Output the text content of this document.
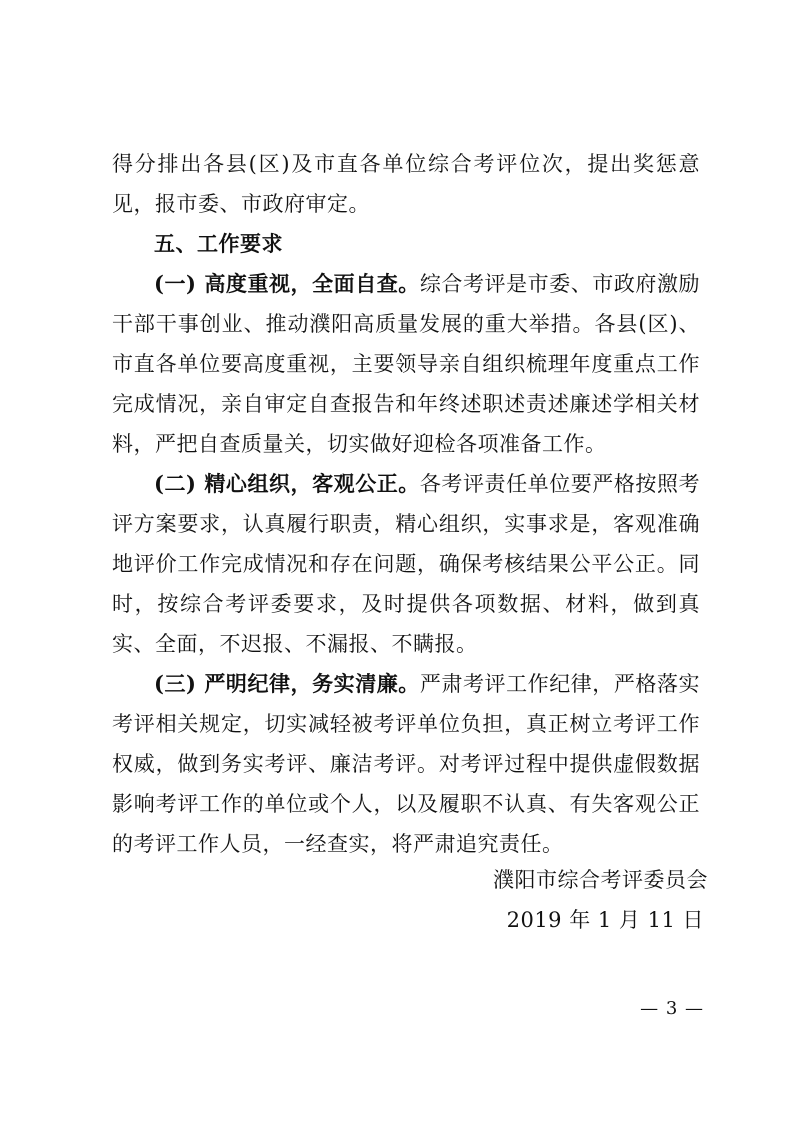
得分排出各县(区)及市直各单位综合考评位次，提出奖惩意见，报市委、市政府审定。

五、工作要求

(一) 高度重视，全面自查。综合考评是市委、市政府激励干部干事创业、推动濮阳高质量发展的重大举措。各县(区)、市直各单位要高度重视，主要领导亲自组织梳理年度重点工作完成情况，亲自审定自查报告和年终述职述责述廉述学相关材料，严把自查质量关，切实做好迎检各项准备工作。

(二) 精心组织，客观公正。各考评责任单位要严格按照考评方案要求，认真履行职责，精心组织，实事求是，客观准确地评价工作完成情况和存在问题，确保考核结果公平公正。同时，按综合考评委要求，及时提供各项数据、材料，做到真实、全面，不迟报、不漏报、不瞒报。

(三) 严明纪律，务实清廉。严肃考评工作纪律，严格落实考评相关规定，切实减轻被考评单位负担，真正树立考评工作权威，做到务实考评、廉洁考评。对考评过程中提供虚假数据影响考评工作的单位或个人，以及履职不认真、有失客观公正的考评工作人员，一经查实，将严肃追究责任。

濮阳市综合考评委员会
2019 年 1 月 11 日
— 3 —
